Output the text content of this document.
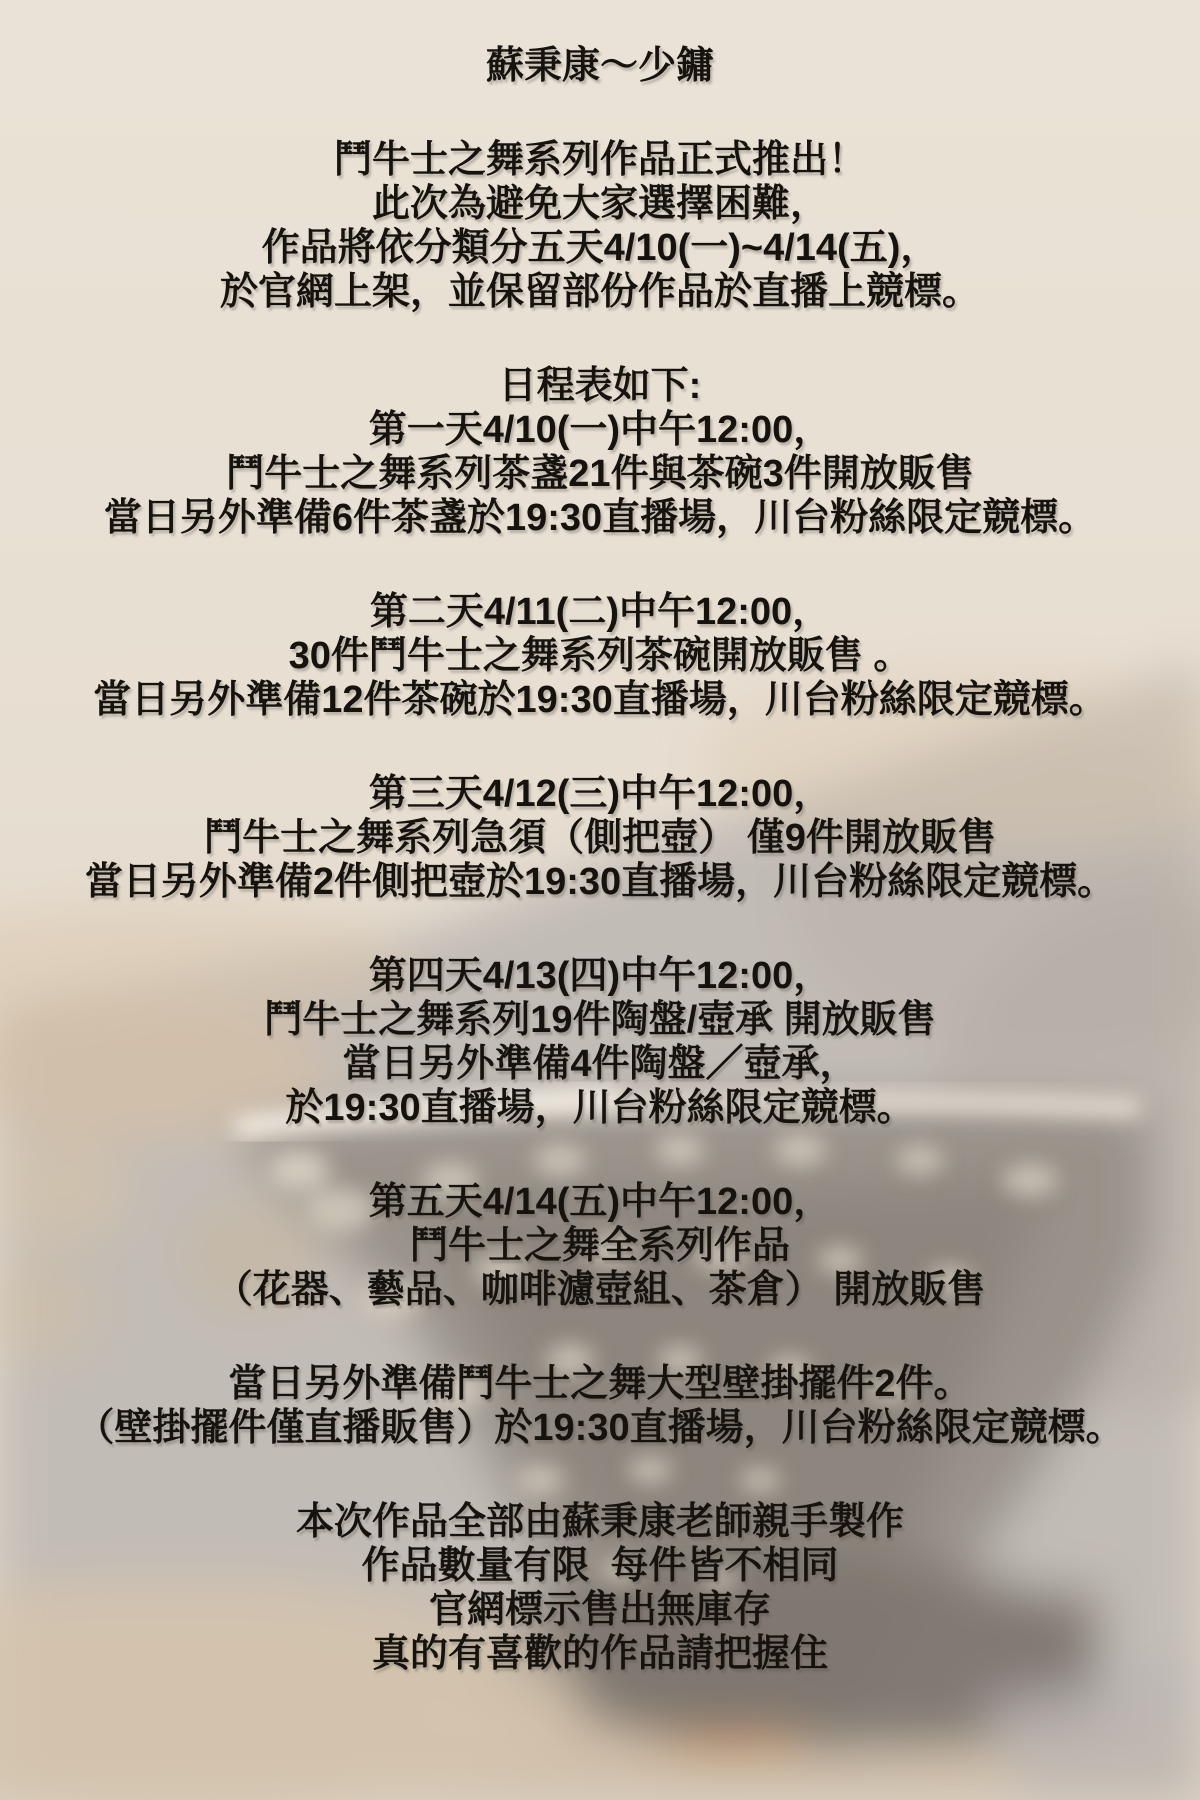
蘇秉康～少鏞
鬥牛士之舞系列作品正式推出！
此次為避免大家選擇困難，
作品將依分類分五天4/10(一)~4/14(五)，
於官網上架，並保留部份作品於直播上競標。
日程表如下:
第一天4/10(一)中午12:00，
鬥牛士之舞系列茶盞21件與茶碗3件開放販售
當日另外準備6件茶盞於19:30直播場，川台粉絲限定競標。
第二天4/11(二)中午12:00，
30件鬥牛士之舞系列茶碗開放販售 。
當日另外準備12件茶碗於19:30直播場，川台粉絲限定競標。
第三天4/12(三)中午12:00，
鬥牛士之舞系列急須（側把壺） 僅9件開放販售
當日另外準備2件側把壺於19:30直播場，川台粉絲限定競標。
第四天4/13(四)中午12:00，
鬥牛士之舞系列19件陶盤/壺承 開放販售
當日另外準備4件陶盤／壺承，
於19:30直播場，川台粉絲限定競標。
第五天4/14(五)中午12:00，
鬥牛士之舞全系列作品
（花器、藝品、咖啡濾壺組、茶倉） 開放販售
當日另外準備鬥牛士之舞大型壁掛擺件2件。
（壁掛擺件僅直播販售）於19:30直播場，川台粉絲限定競標。
本次作品全部由蘇秉康老師親手製作
作品數量有限  每件皆不相同
官網標示售出無庫存
真的有喜歡的作品請把握住
